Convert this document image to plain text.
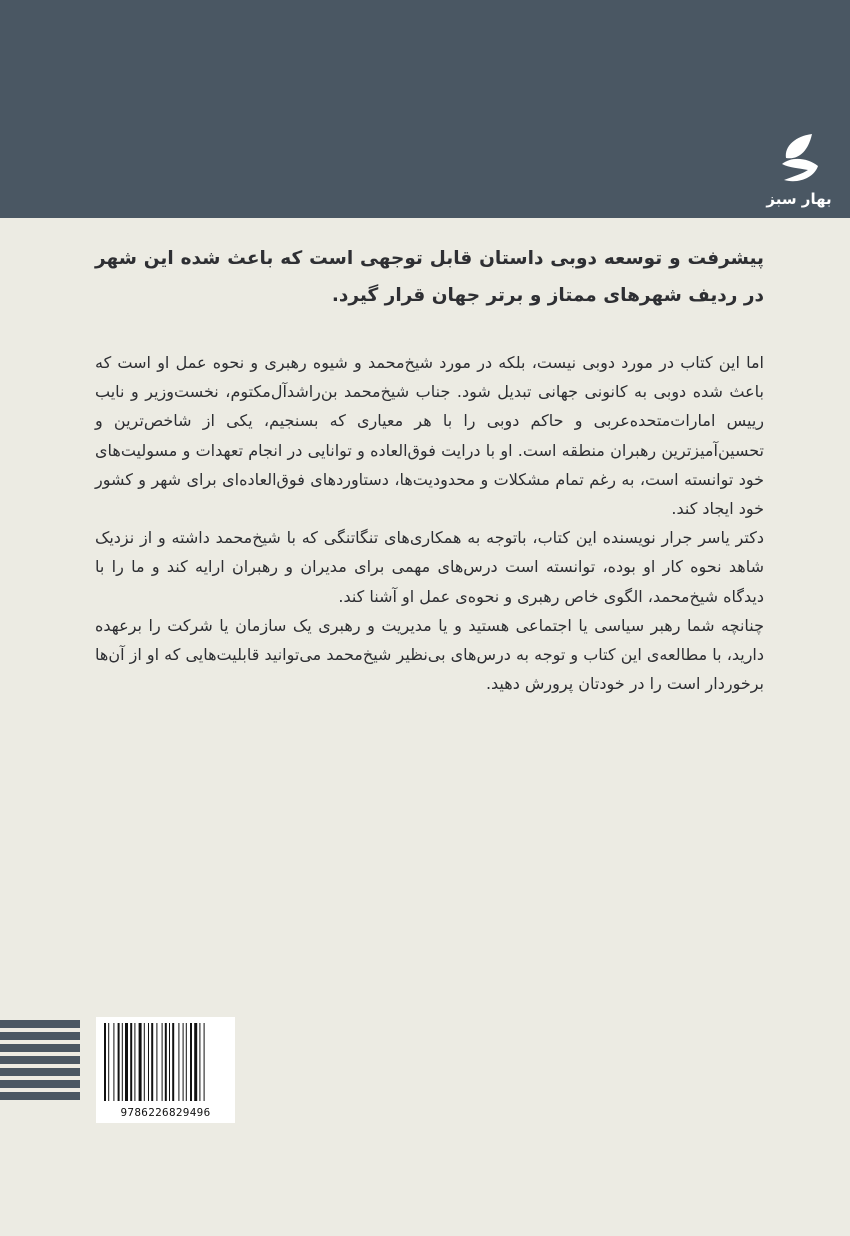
بهار سبز

پیشرفت و توسعه دوبی داستان قابل توجهی است که باعث شده این شهر در ردیف شهرهای ممتاز و برتر جهان قرار گیرد.

اما این کتاب در مورد دوبی نیست، بلکه در مورد شیخ‌محمد و شیوه رهبری و نحوه عمل او است که باعث شده دوبی به کانونی جهانی تبدیل شود. جناب شیخ‌محمد بن‌راشدآل‌مکتوم، نخست‌وزیر و نایب رییس امارات‌متحده‌عربی و حاکم دوبی را با هر معیاری که بسنجیم، یکی از شاخص‌ترین و تحسین‌آمیزترین رهبران منطقه است. او با درایت فوق‌العاده و توانایی در انجام تعهدات و مسولیت‌های خود توانسته است، به رغم تمام مشکلات و محدودیت‌ها، دستاوردهای فوق‌العاده‌ای برای شهر و کشور خود ایجاد کند.

دکتر یاسر جرار نویسنده این کتاب، باتوجه به همکاری‌های تنگاتنگی که با شیخ‌محمد داشته و از نزدیک شاهد نحوه کار او بوده، توانسته است درس‌های مهمی برای مدیران و رهبران ارایه کند و ما را با دیدگاه شیخ‌محمد، الگوی خاص رهبری و نحوه‌ی عمل او آشنا کند.

چنانچه شما رهبر سیاسی یا اجتماعی هستید و یا مدیریت و رهبری یک سازمان یا شرکت را برعهده دارید، با مطالعه‌ی این کتاب و توجه به درس‌های بی‌نظیر شیخ‌محمد می‌توانید قابلیت‌هایی که او از آن‌ها برخوردار است را در خودتان پرورش دهید.

9786226829496
